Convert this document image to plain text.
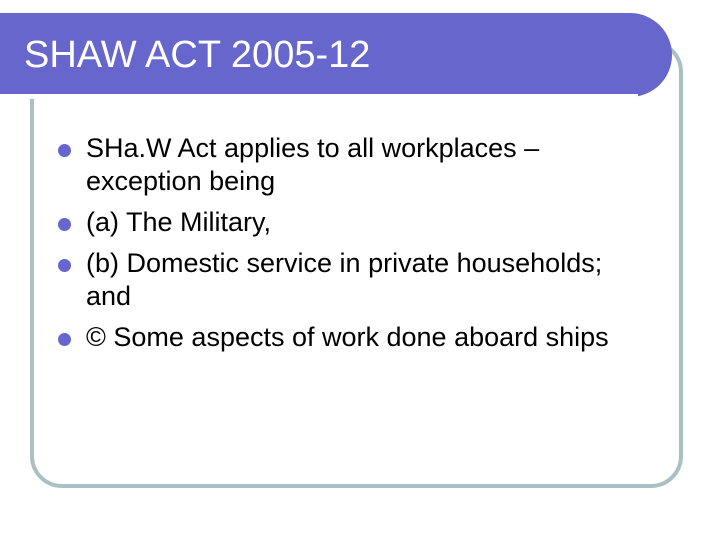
SHAW ACT 2005-12
SHa.W Act applies to all workplaces – exception being
(a) The Military,
(b) Domestic service in private households; and
© Some aspects of work done aboard ships
